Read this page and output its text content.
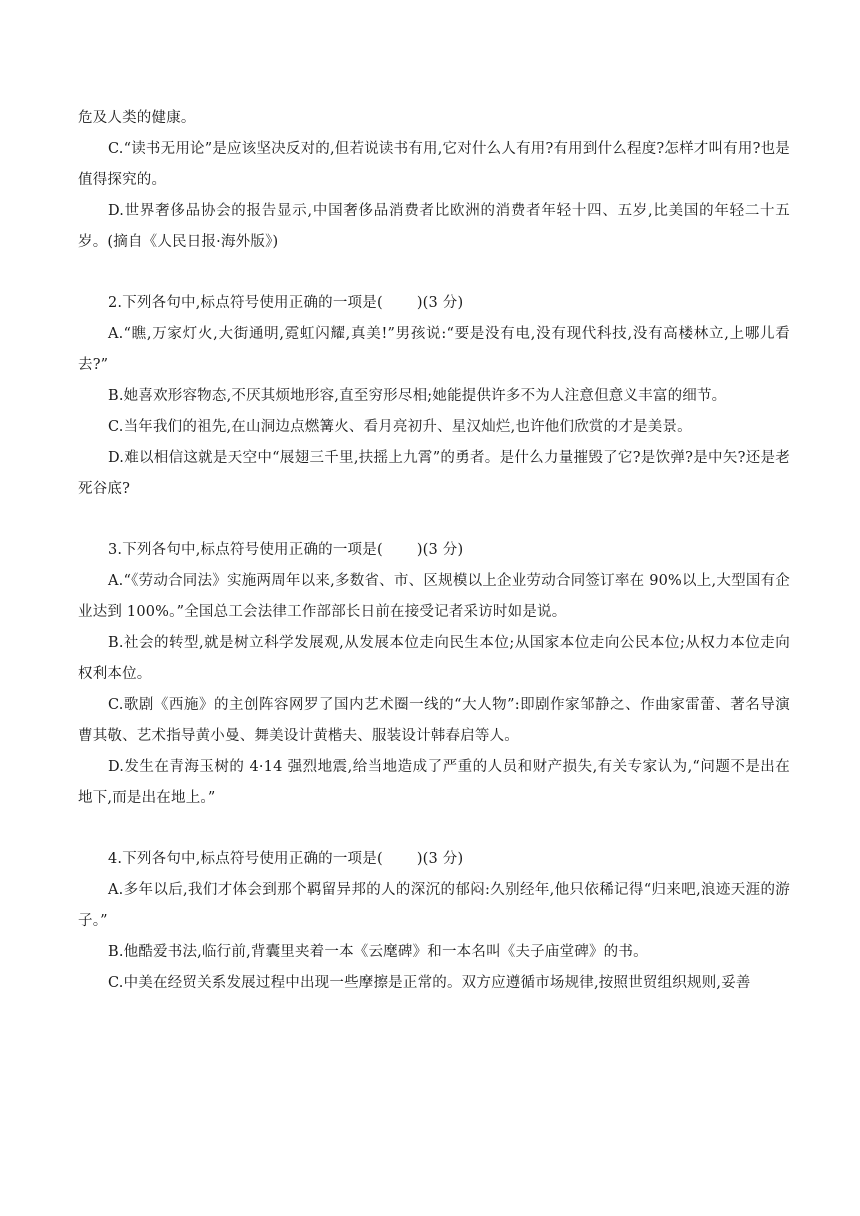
危及人类的健康。

C.“读书无用论”是应该坚决反对的,但若说读书有用,它对什么人有用?有用到什么程度?怎样才叫有用?也是值得探究的。

D.世界奢侈品协会的报告显示,中国奢侈品消费者比欧洲的消费者年轻十四、五岁,比美国的年轻二十五岁。(摘自《人民日报·海外版》)

2.下列各句中,标点符号使用正确的一项是( )(3 分)

A.“瞧,万家灯火,大街通明,霓虹闪耀,真美!”男孩说:“要是没有电,没有现代科技,没有高楼林立,上哪儿看去?”

B.她喜欢形容物态,不厌其烦地形容,直至穷形尽相;她能提供许多不为人注意但意义丰富的细节。

C.当年我们的祖先,在山洞边点燃篝火、看月亮初升、星汉灿烂,也许他们欣赏的才是美景。

D.难以相信这就是天空中“展翅三千里,扶摇上九霄”的勇者。是什么力量摧毁了它?是饮弹?是中矢?还是老死谷底?

3.下列各句中,标点符号使用正确的一项是( )(3 分)

A.“《劳动合同法》实施两周年以来,多数省、市、区规模以上企业劳动合同签订率在 90%以上,大型国有企业达到 100%。”全国总工会法律工作部部长日前在接受记者采访时如是说。

B.社会的转型,就是树立科学发展观,从发展本位走向民生本位;从国家本位走向公民本位;从权力本位走向权利本位。

C.歌剧《西施》的主创阵容网罗了国内艺术圈一线的“大人物”:即剧作家邹静之、作曲家雷蕾、著名导演曹其敬、艺术指导黄小曼、舞美设计黄楷夫、服装设计韩春启等人。

D.发生在青海玉树的 4·14 强烈地震,给当地造成了严重的人员和财产损失,有关专家认为,“问题不是出在地下,而是出在地上。”

4.下列各句中,标点符号使用正确的一项是( )(3 分)

A.多年以后,我们才体会到那个羁留异邦的人的深沉的郁闷:久别经年,他只依稀记得“归来吧,浪迹天涯的游子。”

B.他酷爱书法,临行前,背囊里夹着一本《云麾碑》和一本名叫《夫子庙堂碑》的书。

C.中美在经贸关系发展过程中出现一些摩擦是正常的。双方应遵循市场规律,按照世贸组织规则,妥善
